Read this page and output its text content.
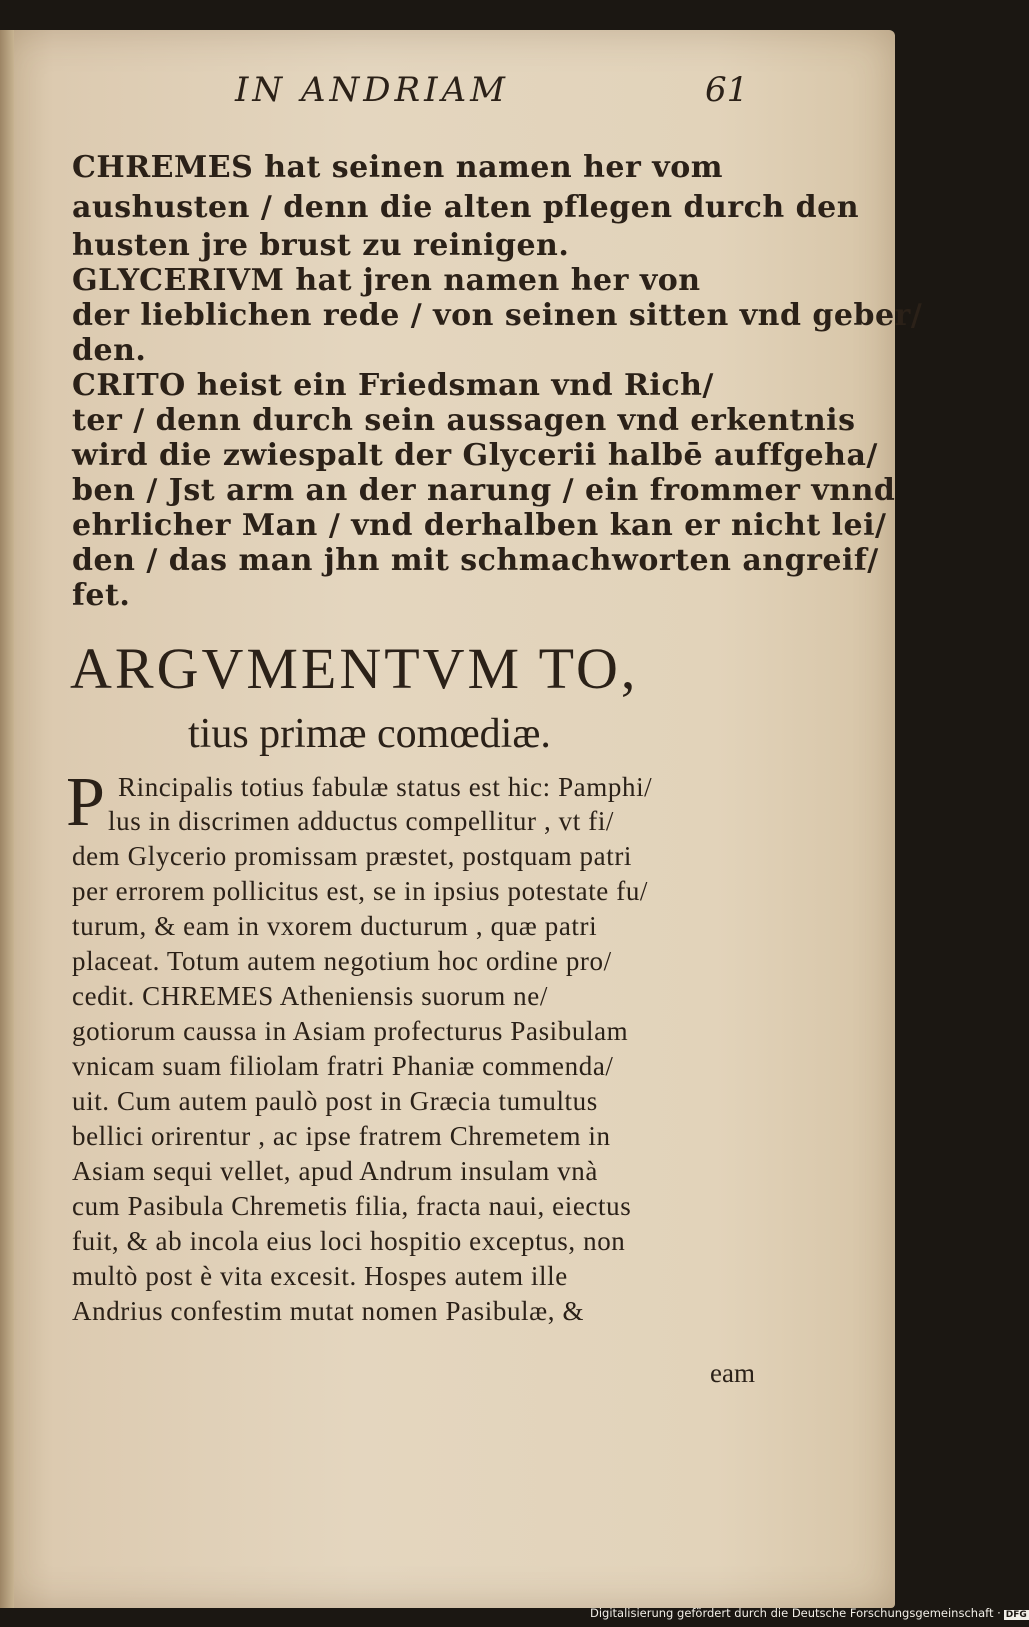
IN ANDRIAM	61
CHREMES hat seinen namen her vom
aushusten / denn die alten pflegen durch den
husten jre brust zu reinigen.
GLYCERIVM hat jren namen her von
der lieblichen rede / von seinen sitten vnd geber/
den.
CRITO heist ein Friedsman vnd Rich/
ter / denn durch sein aussagen vnd erkentnis
wird die zwiespalt der Glycerii halbē auffgeha/
ben / Jst arm an der narung / ein frommer vnnd
ehrlicher Man / vnd derhalben kan er nicht lei/
den / das man jhn mit schmachworten angreif/
fet.
ARGVMENTVM TO,
tius primæ comœdiæ.
P Rincipalis totius fabulæ status est hic: Pamphi/
lus in discrimen adductus compellitur , vt fi/
dem Glycerio promissam præstet, postquam patri
per errorem pollicitus est, se in ipsius potestate fu/
turum, & eam in vxorem ducturum , quæ patri
placeat. Totum autem negotium hoc ordine pro/
cedit. CHREMES Atheniensis suorum ne/
gotiorum caussa in Asiam profecturus Pasibulam
vnicam suam filiolam fratri Phaniæ commenda/
uit. Cum autem paulò post in Græcia tumultus
bellici orirentur , ac ipse fratrem Chremetem in
Asiam sequi vellet, apud Andrum insulam vnà
cum Pasibula Chremetis filia, fracta naui, eiectus
fuit, & ab incola eius loci hospitio exceptus, non
multò post è vita excesit. Hospes autem ille
Andrius confestim mutat nomen Pasibulæ, &
eam
Digitalisierung gefördert durch die Deutsche Forschungsgemeinschaft · DFG
